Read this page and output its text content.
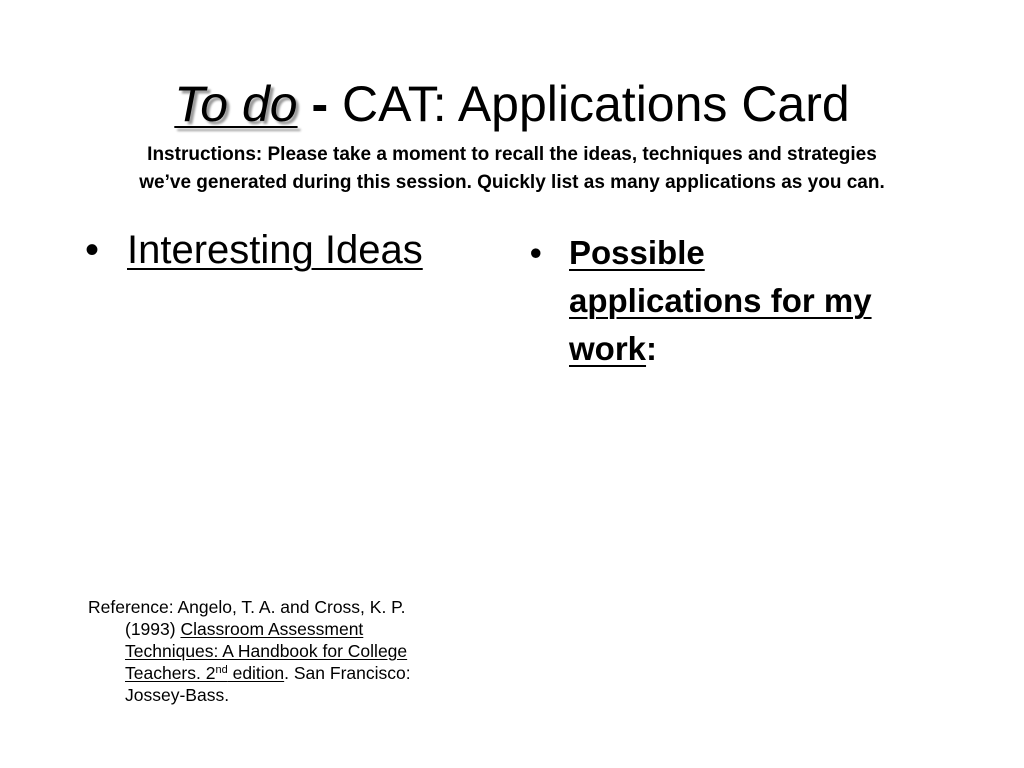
To do - CAT: Applications Card
Instructions: Please take a moment to recall the ideas, techniques and strategies
we’ve generated during this session. Quickly list as many applications as you can.
• Interesting Ideas	• Possible
applications for my
work:
Reference: Angelo, T. A. and Cross, K. P.
(1993) Classroom Assessment
Techniques: A Handbook for College
Teachers. 2nd edition. San Francisco:
Jossey-Bass.
